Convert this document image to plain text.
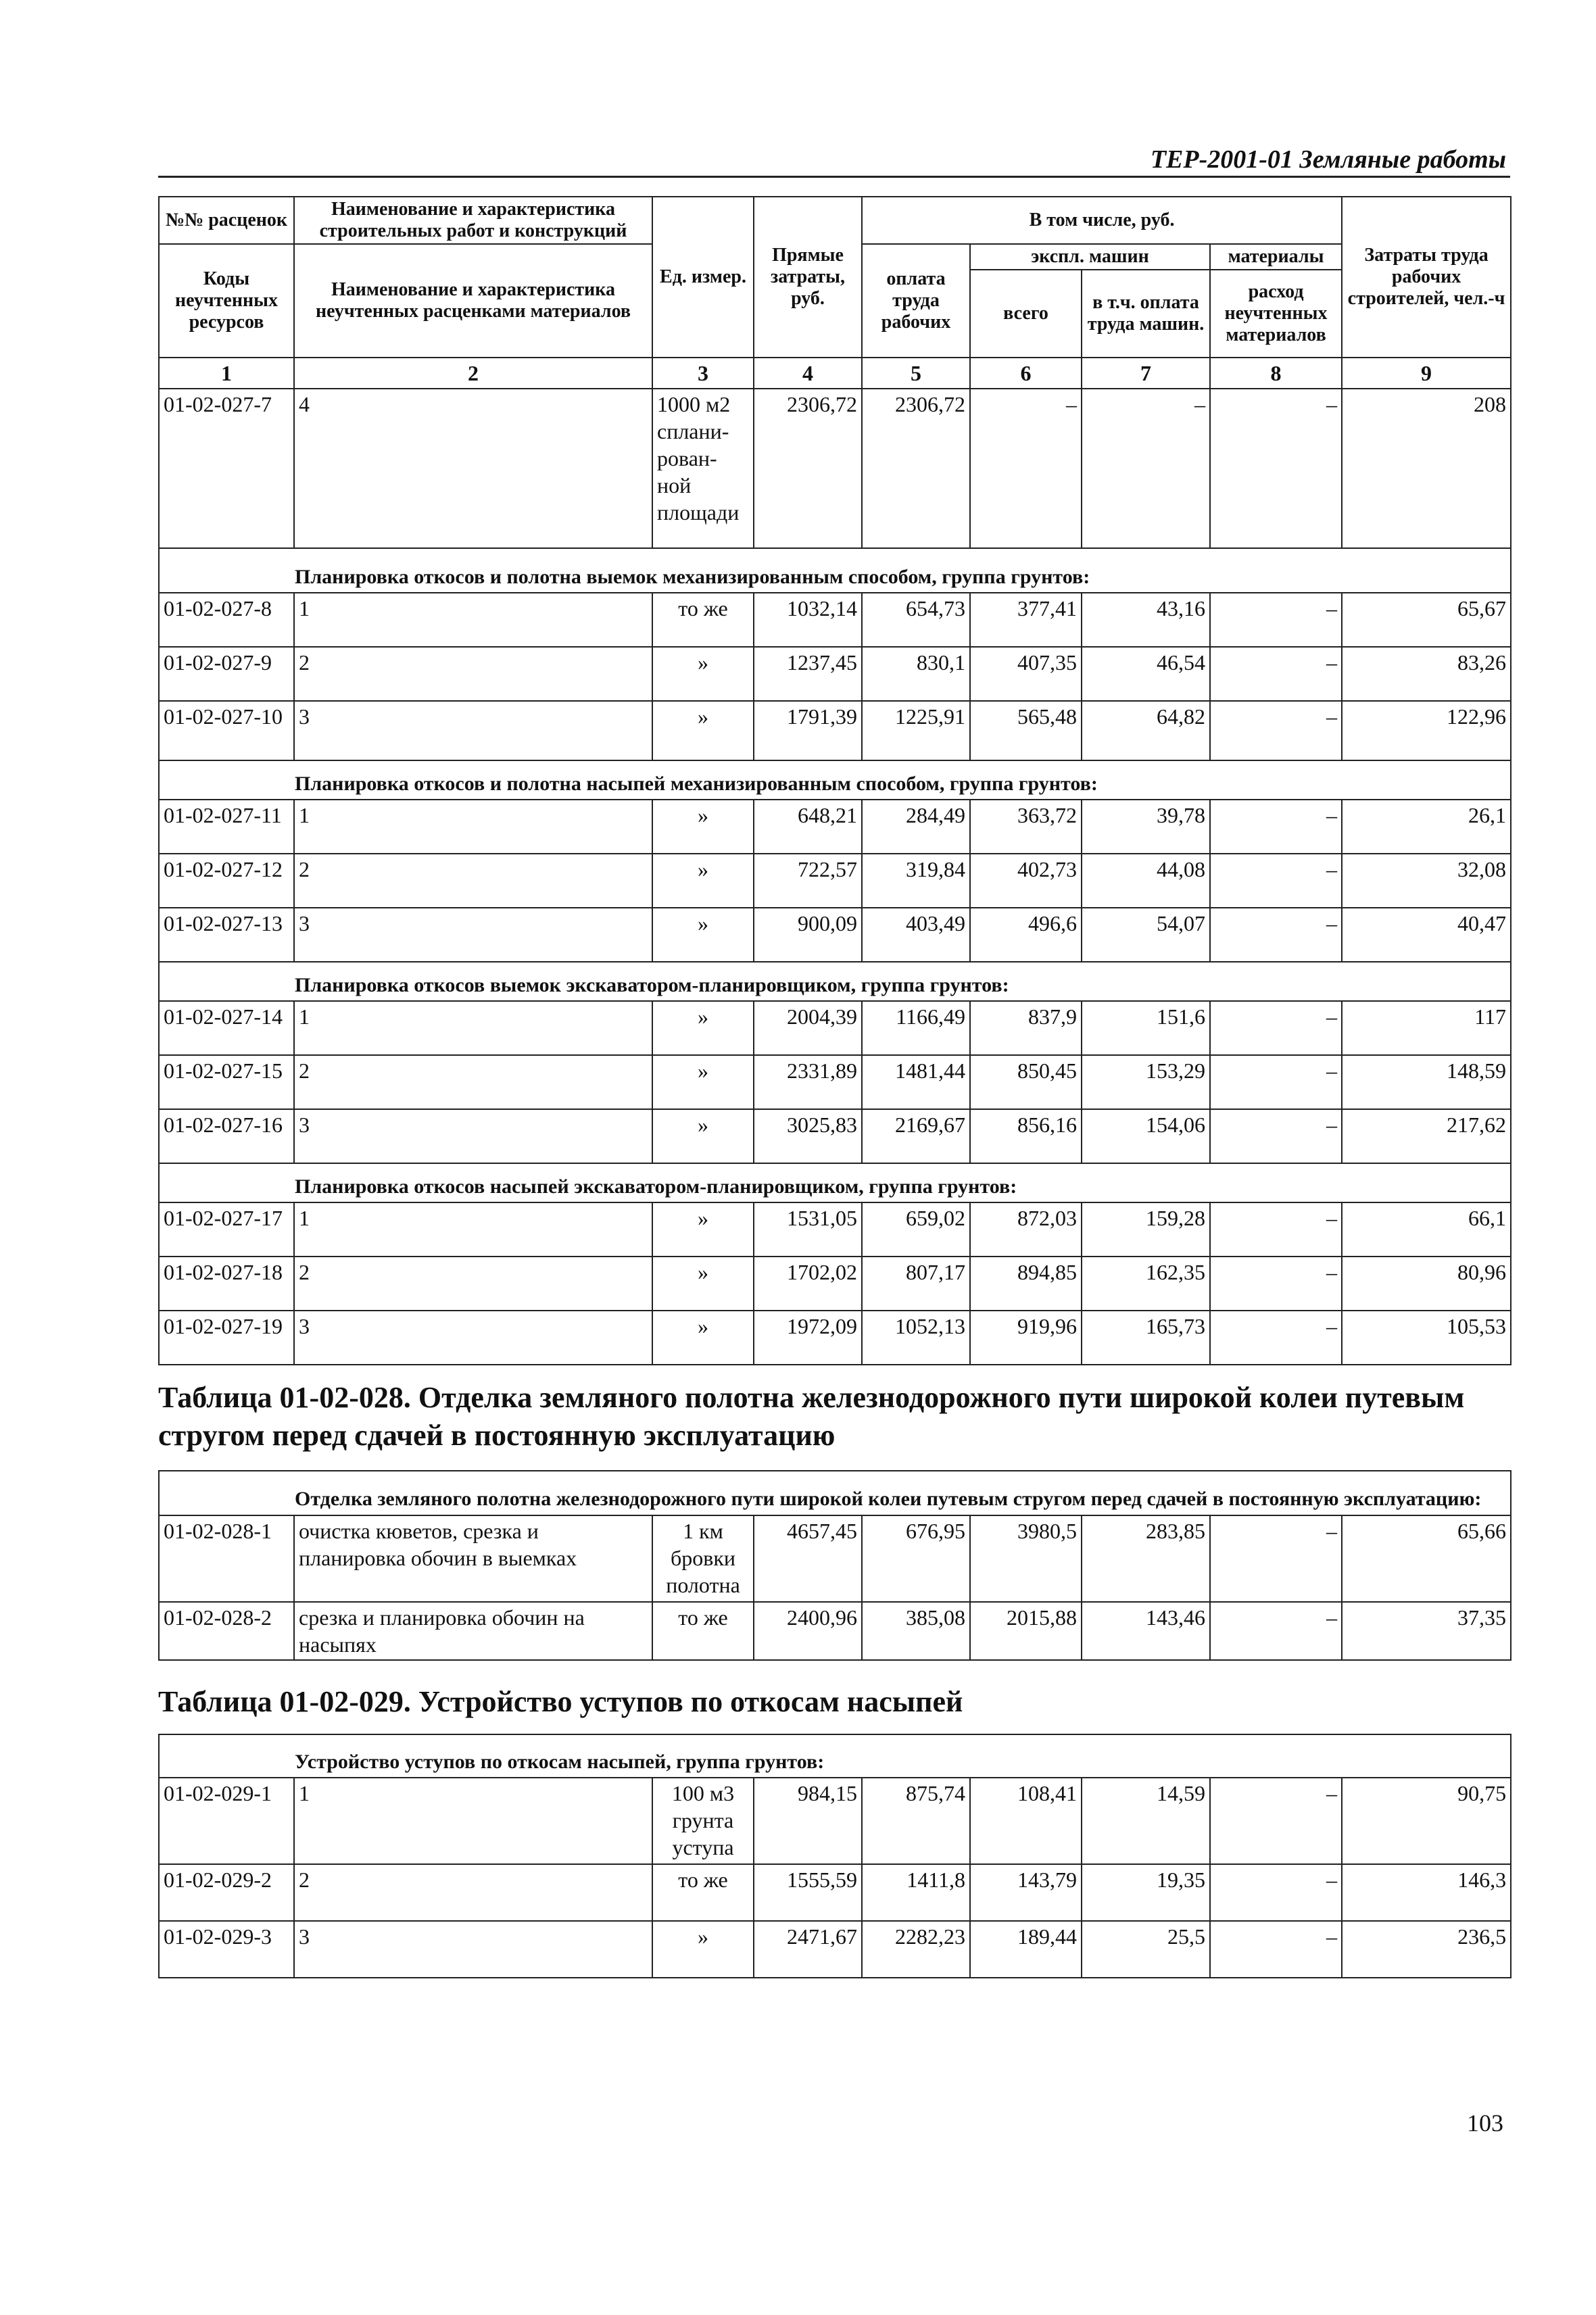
ТЕР-2001-01 Земляные работы
№№ расценок	Наименование и характеристика строительных работ и конструкций	Ед. измер.	Прямые затраты, руб.	В том числе, руб.				Затраты труда рабочих строителей, чел.-ч
Коды неучтенных ресурсов	Наименование и характеристика неучтенных расценками материалов			оплата труда рабочих	экспл. машин		материалы	
					всего	в т.ч. оплата труда машин.	расход неучтенных материалов	
1	2	3	4	5	6	7	8	9
01-02-027-7	4	1000 м2 сплани-рован-ной площади	2306,72	2306,72	–	–	–	208
Планировка откосов и полотна выемок механизированным способом, группа грунтов:								
01-02-027-8	1	то же	1032,14	654,73	377,41	43,16	–	65,67
01-02-027-9	2	»	1237,45	830,1	407,35	46,54	–	83,26
01-02-027-10	3	»	1791,39	1225,91	565,48	64,82	–	122,96
Планировка откосов и полотна насыпей механизированным способом, группа грунтов:								
01-02-027-11	1	»	648,21	284,49	363,72	39,78	–	26,1
01-02-027-12	2	»	722,57	319,84	402,73	44,08	–	32,08
01-02-027-13	3	»	900,09	403,49	496,6	54,07	–	40,47
Планировка откосов выемок экскаватором-планировщиком, группа грунтов:								
01-02-027-14	1	»	2004,39	1166,49	837,9	151,6	–	117
01-02-027-15	2	»	2331,89	1481,44	850,45	153,29	–	148,59
01-02-027-16	3	»	3025,83	2169,67	856,16	154,06	–	217,62
Планировка откосов насыпей экскаватором-планировщиком, группа грунтов:								
01-02-027-17	1	»	1531,05	659,02	872,03	159,28	–	66,1
01-02-027-18	2	»	1702,02	807,17	894,85	162,35	–	80,96
01-02-027-19	3	»	1972,09	1052,13	919,96	165,73	–	105,53
Таблица 01-02-028. Отделка земляного полотна железнодорожного пути широкой колеи путевым стругом перед сдачей в постоянную эксплуатацию
Отделка земляного полотна железнодорожного пути широкой колеи путевым стругом перед сдачей в постоянную эксплуатацию:								
01-02-028-1	очистка кюветов, срезка и планировка обочин в выемках	1 км бровки полотна	4657,45	676,95	3980,5	283,85	–	65,66
01-02-028-2	срезка и планировка обочин на насыпях	то же	2400,96	385,08	2015,88	143,46	–	37,35
Таблица 01-02-029. Устройство уступов по откосам насыпей
Устройство уступов по откосам насыпей, группа грунтов:								
01-02-029-1	1	100 м3 грунта уступа	984,15	875,74	108,41	14,59	–	90,75
01-02-029-2	2	то же	1555,59	1411,8	143,79	19,35	–	146,3
01-02-029-3	3	»	2471,67	2282,23	189,44	25,5	–	236,5
103
